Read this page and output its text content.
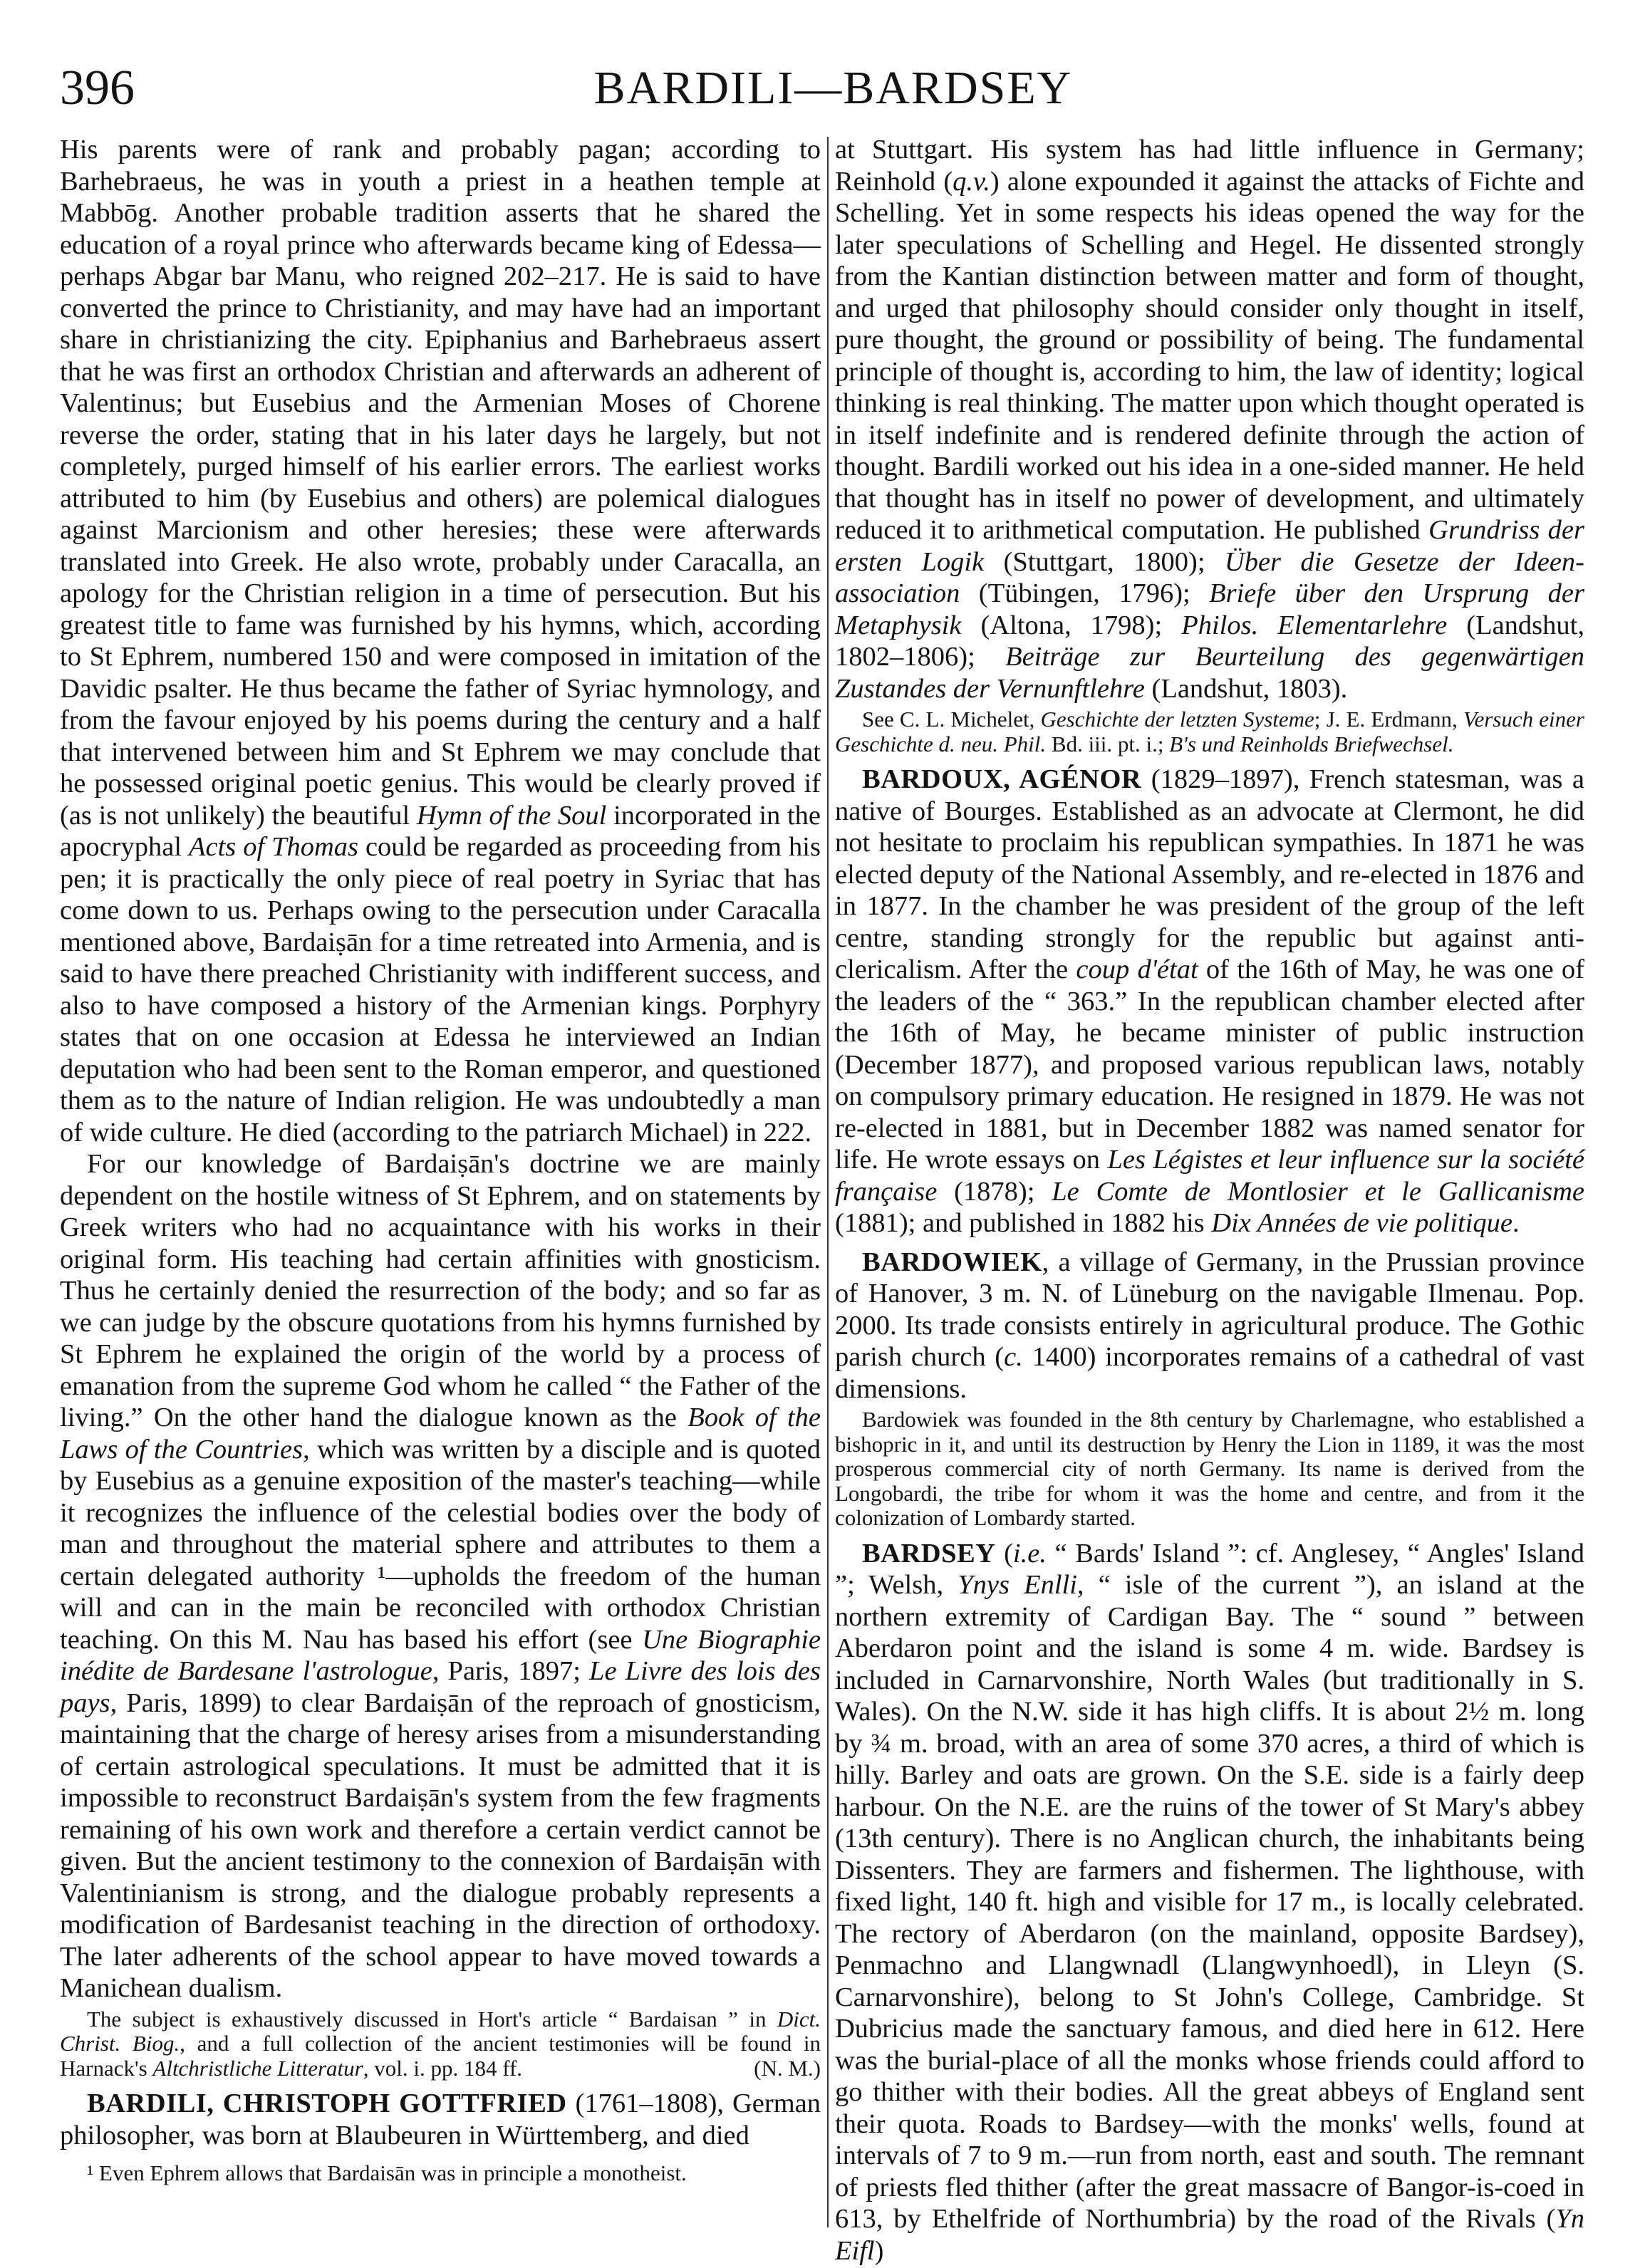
396	BARDILI—BARDSEY

His parents were of rank and probably pagan; according to Barhebraeus, he was in youth a priest in a heathen temple at Mabbōg. Another probable tradition asserts that he shared the education of a royal prince who afterwards became king of Edessa—perhaps Abgar bar Manu, who reigned 202–217. He is said to have converted the prince to Christianity, and may have had an important share in christianizing the city. Epiphanius and Barhebraeus assert that he was first an orthodox Christian and afterwards an adherent of Valentinus; but Eusebius and the Armenian Moses of Chorene reverse the order, stating that in his later days he largely, but not completely, purged himself of his earlier errors. The earliest works attributed to him (by Eusebius and others) are polemical dialogues against Marcionism and other heresies; these were afterwards translated into Greek. He also wrote, probably under Caracalla, an apology for the Christian religion in a time of persecution. But his greatest title to fame was furnished by his hymns, which, according to St Ephrem, numbered 150 and were composed in imitation of the Davidic psalter. He thus became the father of Syriac hymnology, and from the favour enjoyed by his poems during the century and a half that intervened between him and St Ephrem we may conclude that he possessed original poetic genius. This would be clearly proved if (as is not unlikely) the beautiful Hymn of the Soul incorporated in the apocryphal Acts of Thomas could be regarded as proceeding from his pen; it is practically the only piece of real poetry in Syriac that has come down to us. Perhaps owing to the persecution under Caracalla mentioned above, Bardaiṣān for a time retreated into Armenia, and is said to have there preached Christianity with indifferent success, and also to have composed a history of the Armenian kings. Porphyry states that on one occasion at Edessa he interviewed an Indian deputation who had been sent to the Roman emperor, and questioned them as to the nature of Indian religion. He was undoubtedly a man of wide culture. He died (according to the patriarch Michael) in 222.

For our knowledge of Bardaiṣān's doctrine we are mainly dependent on the hostile witness of St Ephrem, and on statements by Greek writers who had no acquaintance with his works in their original form. His teaching had certain affinities with gnosticism. Thus he certainly denied the resurrection of the body; and so far as we can judge by the obscure quotations from his hymns furnished by St Ephrem he explained the origin of the world by a process of emanation from the supreme God whom he called “ the Father of the living.” On the other hand the dialogue known as the Book of the Laws of the Countries, which was written by a disciple and is quoted by Eusebius as a genuine exposition of the master's teaching—while it recognizes the influence of the celestial bodies over the body of man and throughout the material sphere and attributes to them a certain delegated authority ¹—upholds the freedom of the human will and can in the main be reconciled with orthodox Christian teaching. On this M. Nau has based his effort (see Une Biographie inédite de Bardesane l'astrologue, Paris, 1897; Le Livre des lois des pays, Paris, 1899) to clear Bardaiṣān of the reproach of gnosticism, maintaining that the charge of heresy arises from a misunderstanding of certain astrological speculations. It must be admitted that it is impossible to reconstruct Bardaiṣān's system from the few fragments remaining of his own work and therefore a certain verdict cannot be given. But the ancient testimony to the connexion of Bardaiṣān with Valentinianism is strong, and the dialogue probably represents a modification of Bardesanist teaching in the direction of orthodoxy. The later adherents of the school appear to have moved towards a Manichean dualism.

The subject is exhaustively discussed in Hort's article “ Bardaisan ” in Dict. Christ. Biog., and a full collection of the ancient testimonies will be found in Harnack's Altchristliche Litteratur, vol. i. pp. 184 ff.	(N. M.)

BARDILI, CHRISTOPH GOTTFRIED (1761–1808), German philosopher, was born at Blaubeuren in Württemberg, and died

¹ Even Ephrem allows that Bardaisān was in principle a monotheist.

at Stuttgart. His system has had little influence in Germany; Reinhold (q.v.) alone expounded it against the attacks of Fichte and Schelling. Yet in some respects his ideas opened the way for the later speculations of Schelling and Hegel. He dissented strongly from the Kantian distinction between matter and form of thought, and urged that philosophy should consider only thought in itself, pure thought, the ground or possibility of being. The fundamental principle of thought is, according to him, the law of identity; logical thinking is real thinking. The matter upon which thought operated is in itself indefinite and is rendered definite through the action of thought. Bardili worked out his idea in a one-sided manner. He held that thought has in itself no power of development, and ultimately reduced it to arithmetical computation. He published Grundriss der ersten Logik (Stuttgart, 1800); Über die Gesetze der Ideen-association (Tübingen, 1796); Briefe über den Ursprung der Metaphysik (Altona, 1798); Philos. Elementarlehre (Landshut, 1802–1806); Beiträge zur Beurteilung des gegenwärtigen Zustandes der Vernunftlehre (Landshut, 1803).

See C. L. Michelet, Geschichte der letzten Systeme; J. E. Erdmann, Versuch einer Geschichte d. neu. Phil. Bd. iii. pt. i.; B's und Reinholds Briefwechsel.

BARDOUX, AGÉNOR (1829–1897), French statesman, was a native of Bourges. Established as an advocate at Clermont, he did not hesitate to proclaim his republican sympathies. In 1871 he was elected deputy of the National Assembly, and re-elected in 1876 and in 1877. In the chamber he was president of the group of the left centre, standing strongly for the republic but against anti-clericalism. After the coup d'état of the 16th of May, he was one of the leaders of the “ 363.” In the republican chamber elected after the 16th of May, he became minister of public instruction (December 1877), and proposed various republican laws, notably on compulsory primary education. He resigned in 1879. He was not re-elected in 1881, but in December 1882 was named senator for life. He wrote essays on Les Légistes et leur influence sur la société française (1878); Le Comte de Montlosier et le Gallicanisme (1881); and published in 1882 his Dix Années de vie politique.

BARDOWIEK, a village of Germany, in the Prussian province of Hanover, 3 m. N. of Lüneburg on the navigable Ilmenau. Pop. 2000. Its trade consists entirely in agricultural produce. The Gothic parish church (c. 1400) incorporates remains of a cathedral of vast dimensions.

Bardowiek was founded in the 8th century by Charlemagne, who established a bishopric in it, and until its destruction by Henry the Lion in 1189, it was the most prosperous commercial city of north Germany. Its name is derived from the Longobardi, the tribe for whom it was the home and centre, and from it the colonization of Lombardy started.

BARDSEY (i.e. “ Bards' Island ”: cf. Anglesey, “ Angles' Island ”; Welsh, Ynys Enlli, “ isle of the current ”), an island at the northern extremity of Cardigan Bay. The “ sound ” between Aberdaron point and the island is some 4 m. wide. Bardsey is included in Carnarvonshire, North Wales (but traditionally in S. Wales). On the N.W. side it has high cliffs. It is about 2½ m. long by ¾ m. broad, with an area of some 370 acres, a third of which is hilly. Barley and oats are grown. On the S.E. side is a fairly deep harbour. On the N.E. are the ruins of the tower of St Mary's abbey (13th century). There is no Anglican church, the inhabitants being Dissenters. They are farmers and fishermen. The lighthouse, with fixed light, 140 ft. high and visible for 17 m., is locally celebrated. The rectory of Aberdaron (on the mainland, opposite Bardsey), Penmachno and Llangwnadl (Llangwynhoedl), in Lleyn (S. Carnarvonshire), belong to St John's College, Cambridge. St Dubricius made the sanctuary famous, and died here in 612. Here was the burial-place of all the monks whose friends could afford to go thither with their bodies. All the great abbeys of England sent their quota. Roads to Bardsey—with the monks' wells, found at intervals of 7 to 9 m.—run from north, east and south. The remnant of priests fled thither (after the great massacre of Bangor-is-coed in 613, by Ethelfride of Northumbria) by the road of the Rivals (Yn Eifl)
